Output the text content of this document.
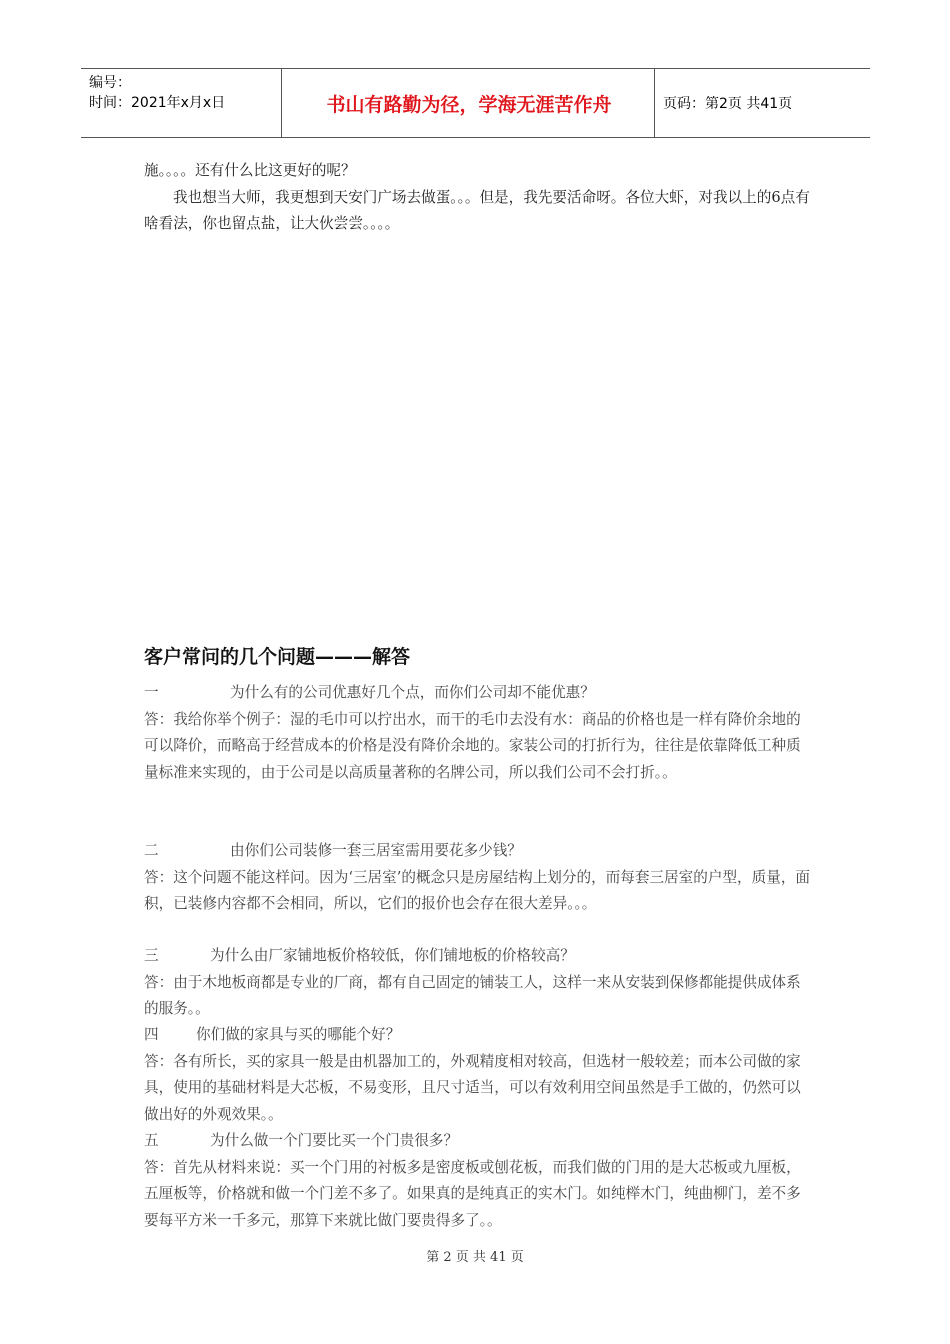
编号：
时间：2021年x月x日	书山有路勤为径，学海无涯苦作舟	页码：第2页 共41页

施。。。。还有什么比这更好的呢？

我也想当大师，我更想到天安门广场去做蛋。。。但是，我先要活命呀。各位大虾，对我以上的6点有啥看法，你也留点盐，让大伙尝尝。。。。

客户常问的几个问题———解答

一	为什么有的公司优惠好几个点，而你们公司却不能优惠？

答：我给你举个例子：湿的毛巾可以拧出水，而干的毛巾去没有水：商品的价格也是一样有降价余地的可以降价，而略高于经营成本的价格是没有降价余地的。家装公司的打折行为，往往是依靠降低工种质量标准来实现的，由于公司是以高质量著称的名牌公司，所以我们公司不会打折。。

二	由你们公司装修一套三居室需用要花多少钱？

答：这个问题不能这样问。因为‘三居室’的概念只是房屋结构上划分的，而每套三居室的户型，质量，面积，已装修内容都不会相同，所以，它们的报价也会存在很大差异。。。

三	为什么由厂家铺地板价格较低，你们铺地板的价格较高？

答：由于木地板商都是专业的厂商，都有自己固定的铺装工人，这样一来从安装到保修都能提供成体系的服务。。

四	你们做的家具与买的哪能个好？

答：各有所长，买的家具一般是由机器加工的，外观精度相对较高，但选材一般较差；而本公司做的家具，使用的基础材料是大芯板，不易变形，且尺寸适当，可以有效利用空间虽然是手工做的，仍然可以做出好的外观效果。。

五	为什么做一个门要比买一个门贵很多？

答：首先从材料来说：买一个门用的衬板多是密度板或刨花板，而我们做的门用的是大芯板或九厘板，五厘板等，价格就和做一个门差不多了。如果真的是纯真正的实木门。如纯榉木门，纯曲柳门，差不多要每平方米一千多元，那算下来就比做门要贵得多了。。

第 2 页 共 41 页
